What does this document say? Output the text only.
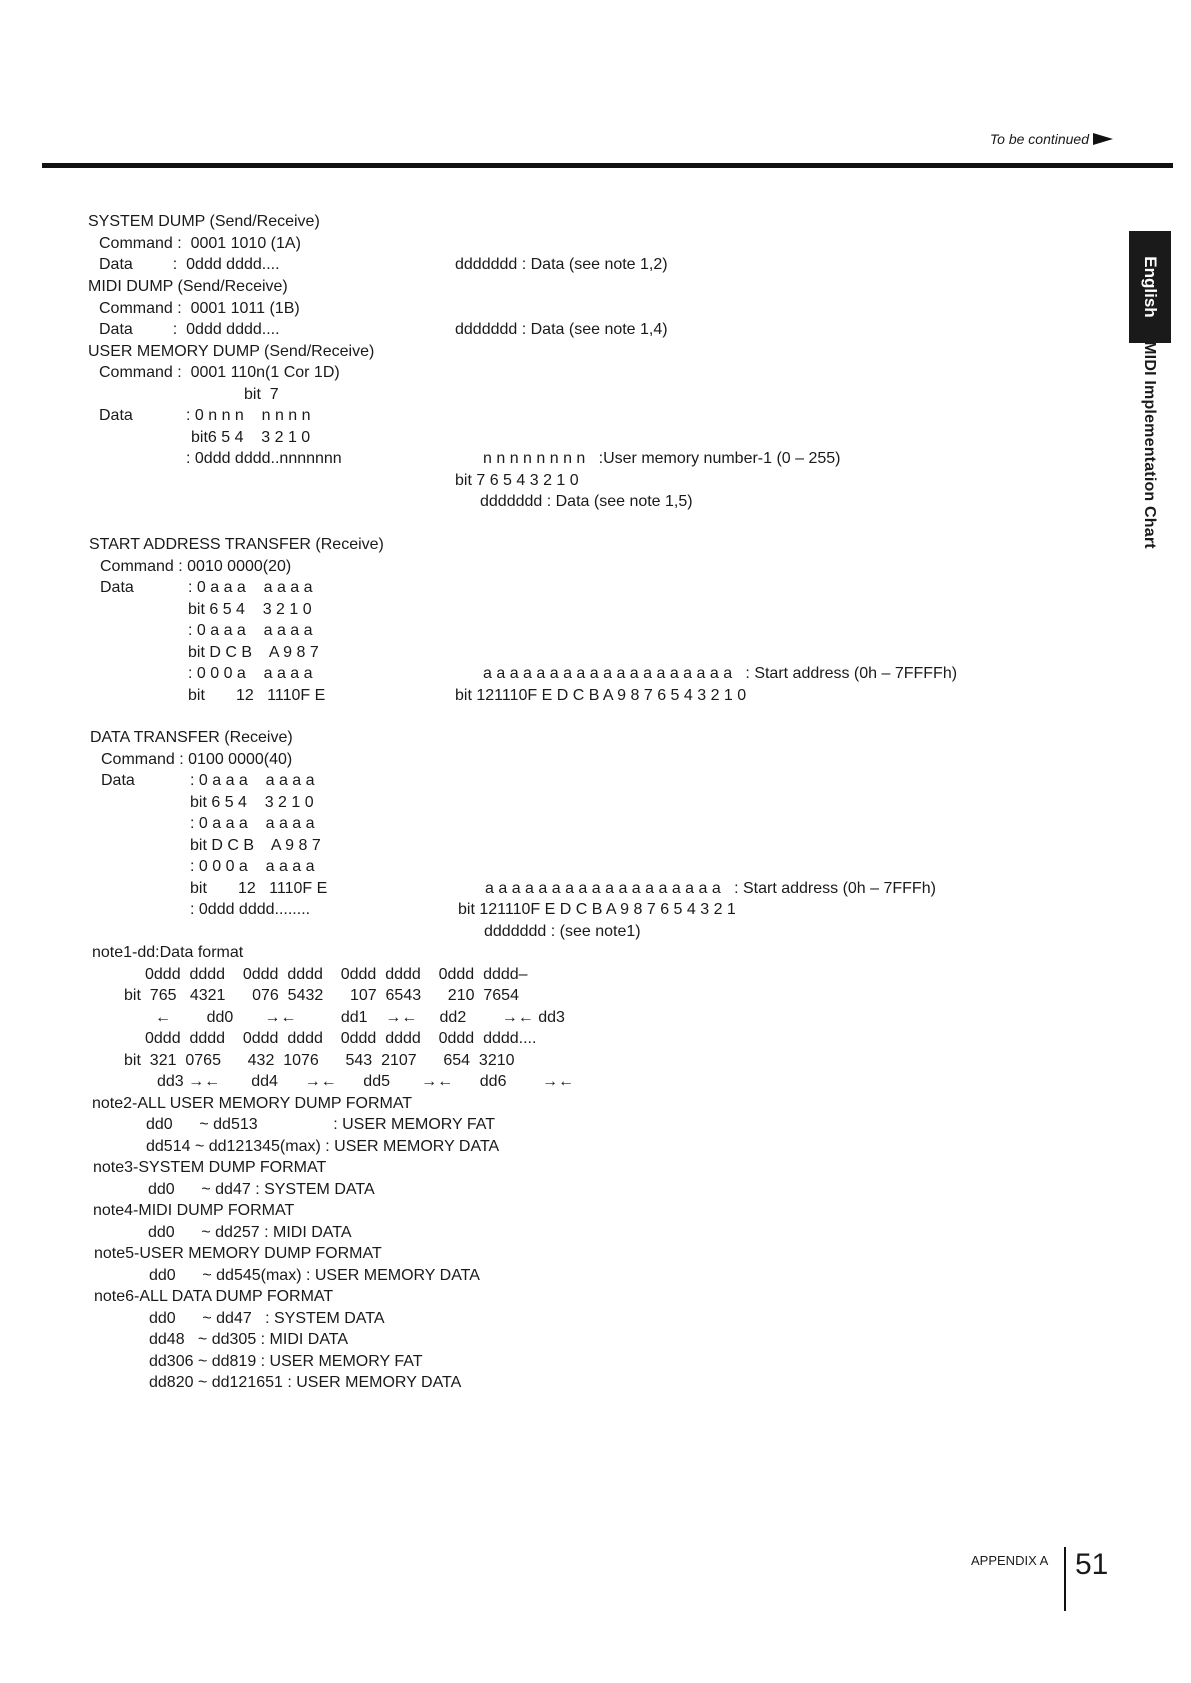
To be continued
English
MIDI Implementation Chart
SYSTEM DUMP (Send/Receive)
Command :  0001 1010 (1A)
Data         :  0ddd dddd....	ddddddd : Data (see note 1,2)
MIDI DUMP (Send/Receive)
Command :  0001 1011 (1B)
Data         :  0ddd dddd....	ddddddd : Data (see note 1,4)
USER MEMORY DUMP (Send/Receive)
Command :  0001 110n(1 Cor 1D)
bit  7
Data	: 0 n n n    n n n n
bit6 5 4    3 2 1 0
: 0ddd dddd..nnnnnnn	n n n n n n n n   :User memory number-1 (0 – 255)
bit 7 6 5 4 3 2 1 0
ddddddd : Data (see note 1,5)
START ADDRESS TRANSFER (Receive)
Command : 0010 0000(20)
Data	: 0 a a a    a a a a
bit 6 5 4    3 2 1 0
: 0 a a a    a a a a
bit D C B    A 9 8 7
: 0 0 0 a    a a a a
bit       12   1110F E
a a a a a a a a a a a a a a a a a a a   : Start address (0h – 7FFFFh)
bit 121110F E D C B A 9 8 7 6 5 4 3 2 1 0
DATA TRANSFER (Receive)
Command : 0100 0000(40)
Data	: 0 a a a    a a a a
bit 6 5 4    3 2 1 0
: 0 a a a    a a a a
bit D C B    A 9 8 7
: 0 0 0 a    a a a a
bit       12   1110F E
: 0ddd dddd........
a a a a a a a a a a a a a a a a a a   : Start address (0h – 7FFFh)
bit 121110F E D C B A 9 8 7 6 5 4 3 2 1
ddddddd : (see note1)
note1-dd:Data format
0ddd  dddd    0ddd  dddd    0ddd  dddd    0ddd  dddd–
bit  765   4321      076  5432      107  6543      210  7654
←        dd0       →←          dd1    →←     dd2        →← dd3
0ddd  dddd    0ddd  dddd    0ddd  dddd    0ddd  dddd....
bit  321  0765      432  1076      543  2107      654  3210
dd3 →←       dd4      →←      dd5       →←      dd6        →←
note2-ALL USER MEMORY DUMP FORMAT
dd0      ~ dd513                 : USER MEMORY FAT
dd514 ~ dd121345(max) : USER MEMORY DATA
note3-SYSTEM DUMP FORMAT
dd0      ~ dd47 : SYSTEM DATA
note4-MIDI DUMP FORMAT
dd0      ~ dd257 : MIDI DATA
note5-USER MEMORY DUMP FORMAT
dd0      ~ dd545(max) : USER MEMORY DATA
note6-ALL DATA DUMP FORMAT
dd0      ~ dd47   : SYSTEM DATA
dd48   ~ dd305 : MIDI DATA
dd306 ~ dd819 : USER MEMORY FAT
dd820 ~ dd121651 : USER MEMORY DATA
APPENDIX A 51
